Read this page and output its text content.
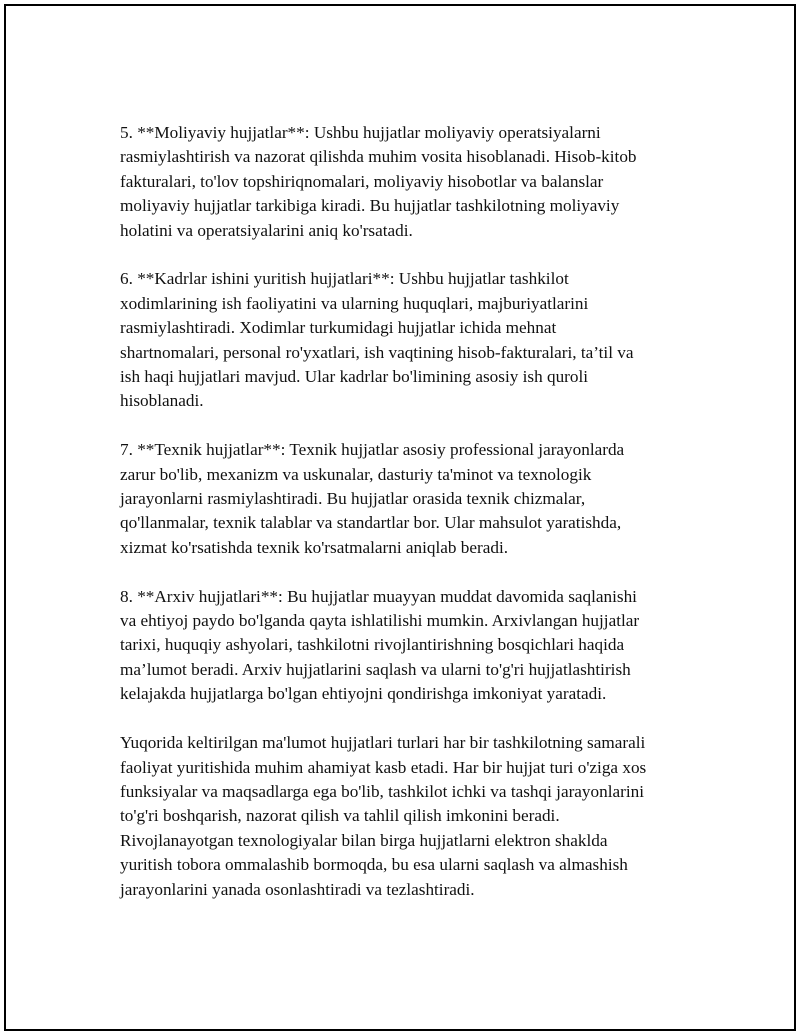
5. **Moliyaviy hujjatlar**: Ushbu hujjatlar moliyaviy operatsiyalarni
rasmiylashtirish va nazorat qilishda muhim vosita hisoblanadi. Hisob-kitob
fakturalari, to'lov topshiriqnomalari, moliyaviy hisobotlar va balanslar
moliyaviy hujjatlar tarkibiga kiradi. Bu hujjatlar tashkilotning moliyaviy
holatini va operatsiyalarini aniq ko'rsatadi.

6. **Kadrlar ishini yuritish hujjatlari**: Ushbu hujjatlar tashkilot
xodimlarining ish faoliyatini va ularning huquqlari, majburiyatlarini
rasmiylashtiradi. Xodimlar turkumidagi hujjatlar ichida mehnat
shartnomalari, personal ro'yxatlari, ish vaqtining hisob-fakturalari, ta’til va
ish haqi hujjatlari mavjud. Ular kadrlar bo'limining asosiy ish quroli
hisoblanadi.

7. **Texnik hujjatlar**: Texnik hujjatlar asosiy professional jarayonlarda
zarur bo'lib, mexanizm va uskunalar, dasturiy ta'minot va texnologik
jarayonlarni rasmiylashtiradi. Bu hujjatlar orasida texnik chizmalar,
qo'llanmalar, texnik talablar va standartlar bor. Ular mahsulot yaratishda,
xizmat ko'rsatishda texnik ko'rsatmalarni aniqlab beradi.

8. **Arxiv hujjatlari**: Bu hujjatlar muayyan muddat davomida saqlanishi
va ehtiyoj paydo bo'lganda qayta ishlatilishi mumkin. Arxivlangan hujjatlar
tarixi, huquqiy ashyolari, tashkilotni rivojlantirishning bosqichlari haqida
ma’lumot beradi. Arxiv hujjatlarini saqlash va ularni to'g'ri hujjatlashtirish
kelajakda hujjatlarga bo'lgan ehtiyojni qondirishga imkoniyat yaratadi.

Yuqorida keltirilgan ma'lumot hujjatlari turlari har bir tashkilotning samarali
faoliyat yuritishida muhim ahamiyat kasb etadi. Har bir hujjat turi o'ziga xos
funksiyalar va maqsadlarga ega bo'lib, tashkilot ichki va tashqi jarayonlarini
to'g'ri boshqarish, nazorat qilish va tahlil qilish imkonini beradi.
Rivojlanayotgan texnologiyalar bilan birga hujjatlarni elektron shaklda
yuritish tobora ommalashib bormoqda, bu esa ularni saqlash va almashish
jarayonlarini yanada osonlashtiradi va tezlashtiradi.
